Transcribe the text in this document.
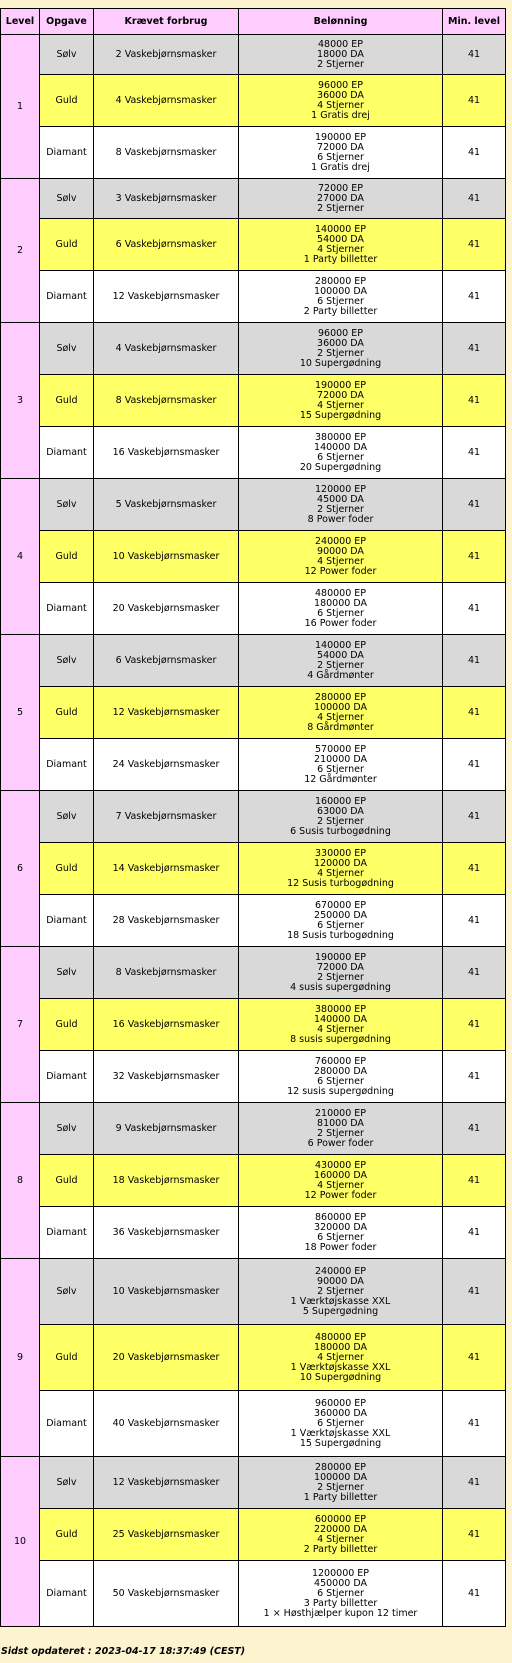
Level	Opgave	Krævet forbrug	Belønning	Min. level
1	Sølv	2 Vaskebjørnsmasker	48000 EP
18000 DA
2 Stjerner	41
	Guld	4 Vaskebjørnsmasker	96000 EP
36000 DA
4 Stjerner
1 Gratis drej	41
	Diamant	8 Vaskebjørnsmasker	190000 EP
72000 DA
6 Stjerner
1 Gratis drej	41
2	Sølv	3 Vaskebjørnsmasker	72000 EP
27000 DA
2 Stjerner	41
	Guld	6 Vaskebjørnsmasker	140000 EP
54000 DA
4 Stjerner
1 Party billetter	41
	Diamant	12 Vaskebjørnsmasker	280000 EP
100000 DA
6 Stjerner
2 Party billetter	41
3	Sølv	4 Vaskebjørnsmasker	96000 EP
36000 DA
2 Stjerner
10 Supergødning	41
	Guld	8 Vaskebjørnsmasker	190000 EP
72000 DA
4 Stjerner
15 Supergødning	41
	Diamant	16 Vaskebjørnsmasker	380000 EP
140000 DA
6 Stjerner
20 Supergødning	41
4	Sølv	5 Vaskebjørnsmasker	120000 EP
45000 DA
2 Stjerner
8 Power foder	41
	Guld	10 Vaskebjørnsmasker	240000 EP
90000 DA
4 Stjerner
12 Power foder	41
	Diamant	20 Vaskebjørnsmasker	480000 EP
180000 DA
6 Stjerner
16 Power foder	41
5	Sølv	6 Vaskebjørnsmasker	140000 EP
54000 DA
2 Stjerner
4 Gårdmønter	41
	Guld	12 Vaskebjørnsmasker	280000 EP
100000 DA
4 Stjerner
8 Gårdmønter	41
	Diamant	24 Vaskebjørnsmasker	570000 EP
210000 DA
6 Stjerner
12 Gårdmønter	41
6	Sølv	7 Vaskebjørnsmasker	160000 EP
63000 DA
2 Stjerner
6 Susis turbogødning	41
	Guld	14 Vaskebjørnsmasker	330000 EP
120000 DA
4 Stjerner
12 Susis turbogødning	41
	Diamant	28 Vaskebjørnsmasker	670000 EP
250000 DA
6 Stjerner
18 Susis turbogødning	41
7	Sølv	8 Vaskebjørnsmasker	190000 EP
72000 DA
2 Stjerner
4 susis supergødning	41
	Guld	16 Vaskebjørnsmasker	380000 EP
140000 DA
4 Stjerner
8 susis supergødning	41
	Diamant	32 Vaskebjørnsmasker	760000 EP
280000 DA
6 Stjerner
12 susis supergødning	41
8	Sølv	9 Vaskebjørnsmasker	210000 EP
81000 DA
2 Stjerner
6 Power foder	41
	Guld	18 Vaskebjørnsmasker	430000 EP
160000 DA
4 Stjerner
12 Power foder	41
	Diamant	36 Vaskebjørnsmasker	860000 EP
320000 DA
6 Stjerner
18 Power foder	41
9	Sølv	10 Vaskebjørnsmasker	240000 EP
90000 DA
2 Stjerner
1 Værktøjskasse XXL
5 Supergødning	41
	Guld	20 Vaskebjørnsmasker	480000 EP
180000 DA
4 Stjerner
1 Værktøjskasse XXL
10 Supergødning	41
	Diamant	40 Vaskebjørnsmasker	960000 EP
360000 DA
6 Stjerner
1 Værktøjskasse XXL
15 Supergødning	41
10	Sølv	12 Vaskebjørnsmasker	280000 EP
100000 DA
2 Stjerner
1 Party billetter	41
	Guld	25 Vaskebjørnsmasker	600000 EP
220000 DA
4 Stjerner
2 Party billetter	41
	Diamant	50 Vaskebjørnsmasker	1200000 EP
450000 DA
6 Stjerner
3 Party billetter
1 × Høsthjælper kupon 12 timer	41
Sidst opdateret : 2023-04-17 18:37:49 (CEST)
